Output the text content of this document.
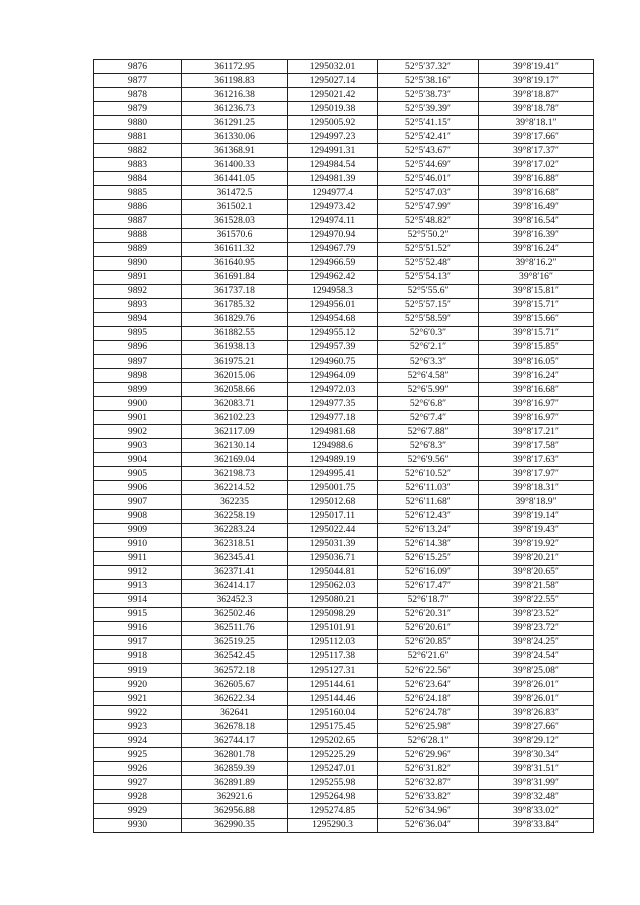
9876	361172.95	1295032.01	52°5′37.32″	39°8′19.41″
9877	361198.83	1295027.14	52°5′38.16″	39°8′19.17″
9878	361216.38	1295021.42	52°5′38.73″	39°8′18.87″
9879	361236.73	1295019.38	52°5′39.39″	39°8′18.78″
9880	361291.25	1295005.92	52°5′41.15″	39°8′18.1″
9881	361330.06	1294997.23	52°5′42.41″	39°8′17.66″
9882	361368.91	1294991.31	52°5′43.67″	39°8′17.37″
9883	361400.33	1294984.54	52°5′44.69″	39°8′17.02″
9884	361441.05	1294981.39	52°5′46.01″	39°8′16.88″
9885	361472.5	1294977.4	52°5′47.03″	39°8′16.68″
9886	361502.1	1294973.42	52°5′47.99″	39°8′16.49″
9887	361528.03	1294974.11	52°5′48.82″	39°8′16.54″
9888	361570.6	1294970.94	52°5′50.2″	39°8′16.39″
9889	361611.32	1294967.79	52°5′51.52″	39°8′16.24″
9890	361640.95	1294966.59	52°5′52.48″	39°8′16.2″
9891	361691.84	1294962.42	52°5′54.13″	39°8′16″
9892	361737.18	1294958.3	52°5′55.6″	39°8′15.81″
9893	361785.32	1294956.01	52°5′57.15″	39°8′15.71″
9894	361829.76	1294954.68	52°5′58.59″	39°8′15.66″
9895	361882.55	1294955.12	52°6′0.3″	39°8′15.71″
9896	361938.13	1294957.39	52°6′2.1″	39°8′15.85″
9897	361975.21	1294960.75	52°6′3.3″	39°8′16.05″
9898	362015.06	1294964.09	52°6′4.58″	39°8′16.24″
9899	362058.66	1294972.03	52°6′5.99″	39°8′16.68″
9900	362083.71	1294977.35	52°6′6.8″	39°8′16.97″
9901	362102.23	1294977.18	52°6′7.4″	39°8′16.97″
9902	362117.09	1294981.68	52°6′7.88″	39°8′17.21″
9903	362130.14	1294988.6	52°6′8.3″	39°8′17.58″
9904	362169.04	1294989.19	52°6′9.56″	39°8′17.63″
9905	362198.73	1294995.41	52°6′10.52″	39°8′17.97″
9906	362214.52	1295001.75	52°6′11.03″	39°8′18.31″
9907	362235	1295012.68	52°6′11.68″	39°8′18.9″
9908	362258.19	1295017.11	52°6′12.43″	39°8′19.14″
9909	362283.24	1295022.44	52°6′13.24″	39°8′19.43″
9910	362318.51	1295031.39	52°6′14.38″	39°8′19.92″
9911	362345.41	1295036.71	52°6′15.25″	39°8′20.21″
9912	362371.41	1295044.81	52°6′16.09″	39°8′20.65″
9913	362414.17	1295062.03	52°6′17.47″	39°8′21.58″
9914	362452.3	1295080.21	52°6′18.7″	39°8′22.55″
9915	362502.46	1295098.29	52°6′20.31″	39°8′23.52″
9916	362511.76	1295101.91	52°6′20.61″	39°8′23.72″
9917	362519.25	1295112.03	52°6′20.85″	39°8′24.25″
9918	362542.45	1295117.38	52°6′21.6″	39°8′24.54″
9919	362572.18	1295127.31	52°6′22.56″	39°8′25.08″
9920	362605.67	1295144.61	52°6′23.64″	39°8′26.01″
9921	362622.34	1295144.46	52°6′24.18″	39°8′26.01″
9922	362641	1295160.04	52°6′24.78″	39°8′26.83″
9923	362678.18	1295175.45	52°6′25.98″	39°8′27.66″
9924	362744.17	1295202.65	52°6′28.1″	39°8′29.12″
9925	362801.78	1295225.29	52°6′29.96″	39°8′30.34″
9926	362859.39	1295247.01	52°6′31.82″	39°8′31.51″
9927	362891.89	1295255.98	52°6′32.87″	39°8′31.99″
9928	362921.6	1295264.98	52°6′33.82″	39°8′32.48″
9929	362956.88	1295274.85	52°6′34.96″	39°8′33.02″
9930	362990.35	1295290.3	52°6′36.04″	39°8′33.84″
